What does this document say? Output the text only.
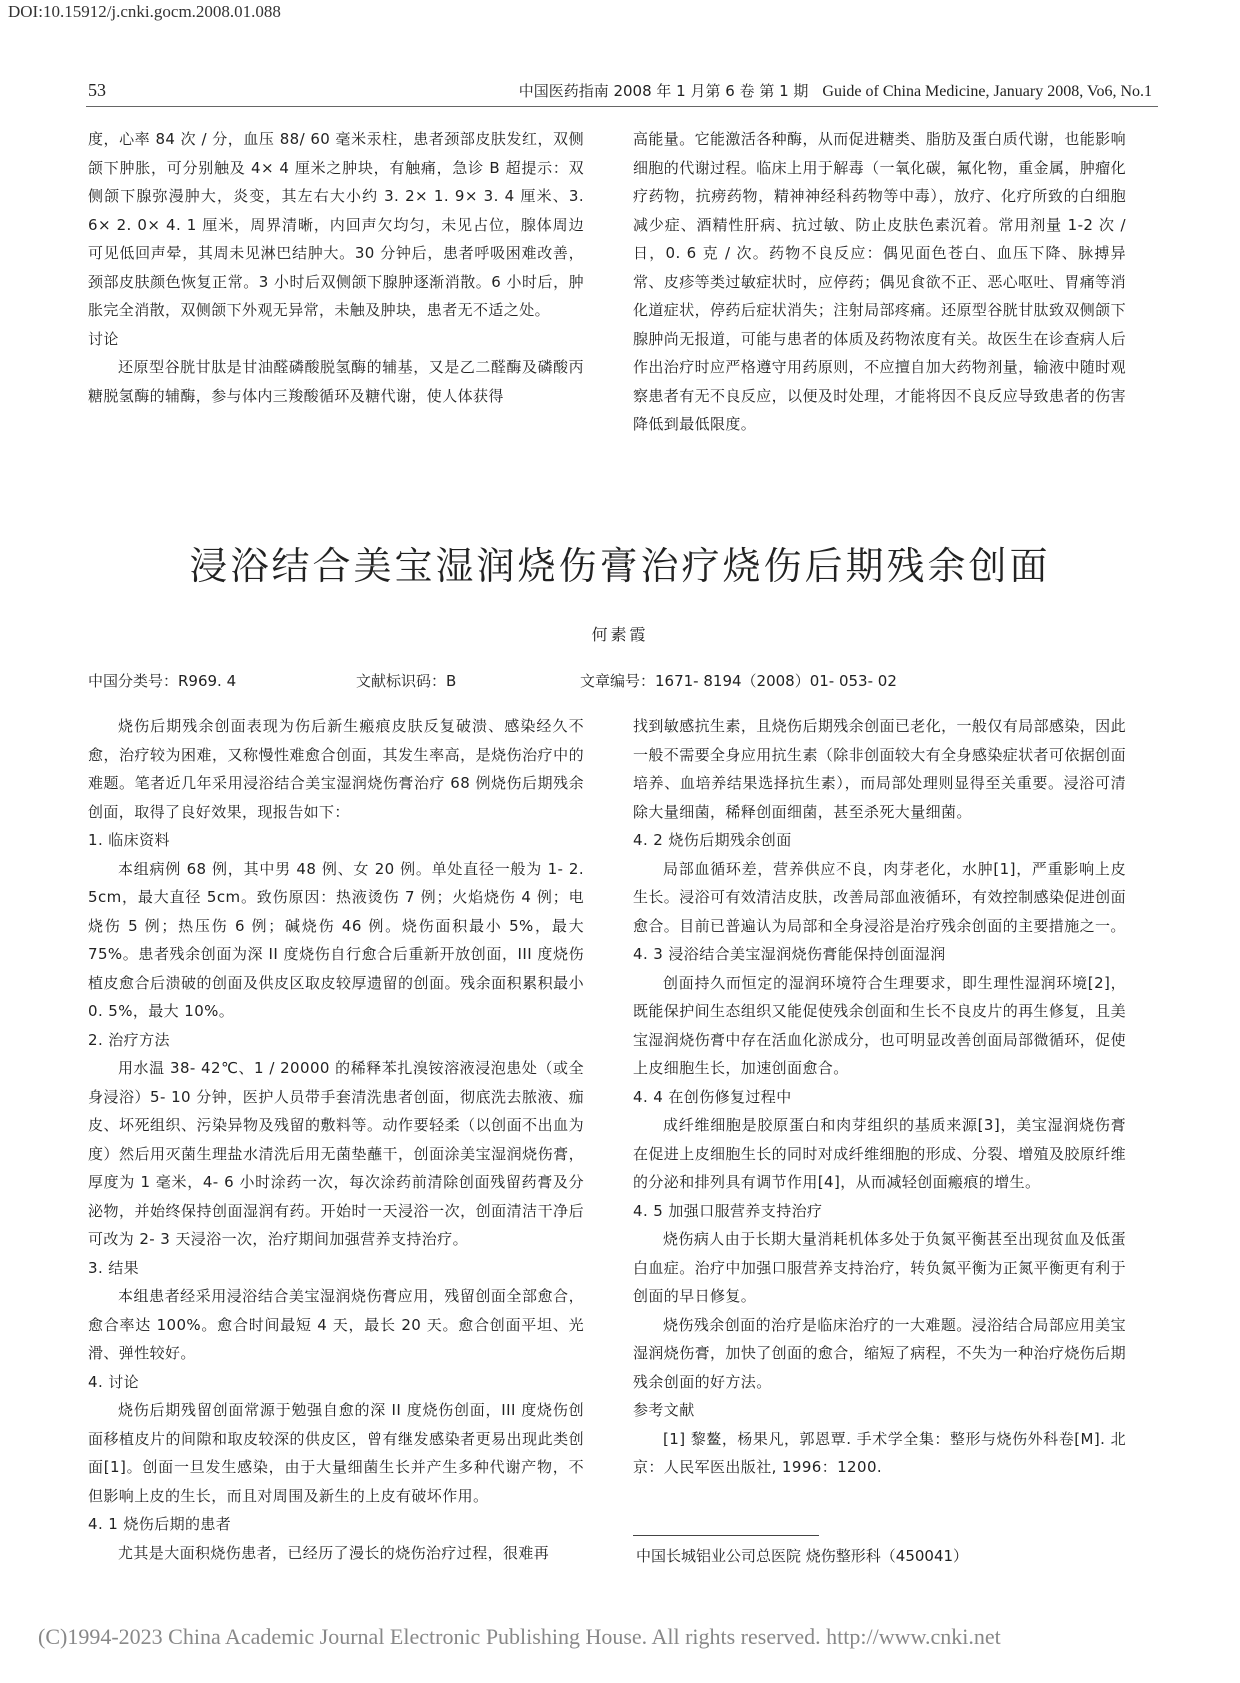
DOI:10.15912/j.cnki.gocm.2008.01.088
53	中国医药指南 2008 年 1 月第 6 卷 第 1 期 Guide of China Medicine, January 2008, Vo6, No.1

度，心率 84 次 / 分，血压 88/ 60 毫米汞柱，患者颈部皮肤发红，双侧颌下肿胀，可分别触及 4× 4 厘米之肿块，有触痛，急诊 B 超提示：双侧颌下腺弥漫肿大，炎变，其左右大小约 3. 2× 1. 9× 3. 4 厘米、3. 6× 2. 0× 4. 1 厘米，周界清晰，内回声欠均匀，未见占位，腺体周边可见低回声晕，其周未见淋巴结肿大。30 分钟后，患者呼吸困难改善，颈部皮肤颜色恢复正常。3 小时后双侧颌下腺肿逐渐消散。6 小时后，肿胀完全消散，双侧颌下外观无异常，未触及肿块，患者无不适之处。

讨论

还原型谷胱甘肽是甘油醛磷酸脱氢酶的辅基，又是乙二醛酶及磷酸丙糖脱氢酶的辅酶，参与体内三羧酸循环及糖代谢，使人体获得

高能量。它能激活各种酶，从而促进糖类、脂肪及蛋白质代谢，也能影响细胞的代谢过程。临床上用于解毒（一氧化碳，氟化物，重金属，肿瘤化疗药物，抗痨药物，精神神经科药物等中毒），放疗、化疗所致的白细胞减少症、酒精性肝病、抗过敏、防止皮肤色素沉着。常用剂量 1-2 次 / 日，0. 6 克 / 次。药物不良反应：偶见面色苍白、血压下降、脉搏异常、皮疹等类过敏症状时，应停药；偶见食欲不正、恶心呕吐、胃痛等消化道症状，停药后症状消失；注射局部疼痛。还原型谷胱甘肽致双侧颌下腺肿尚无报道，可能与患者的体质及药物浓度有关。故医生在诊查病人后作出治疗时应严格遵守用药原则，不应擅自加大药物剂量，输液中随时观察患者有无不良反应，以便及时处理，才能将因不良反应导致患者的伤害降低到最低限度。

浸浴结合美宝湿润烧伤膏治疗烧伤后期残余创面
何素霞
中国分类号：R969. 4	文献标识码：B	文章编号：1671- 8194（2008）01- 053- 02

烧伤后期残余创面表现为伤后新生瘢痕皮肤反复破溃、感染经久不愈，治疗较为困难，又称慢性难愈合创面，其发生率高，是烧伤治疗中的难题。笔者近几年采用浸浴结合美宝湿润烧伤膏治疗 68 例烧伤后期残余创面，取得了良好效果，现报告如下：

1. 临床资料

本组病例 68 例，其中男 48 例、女 20 例。单处直径一般为 1- 2. 5cm，最大直径 5cm。致伤原因：热液烫伤 7 例；火焰烧伤 4 例；电烧伤 5 例；热压伤 6 例；碱烧伤 46 例。烧伤面积最小 5%，最大 75%。患者残余创面为深 II 度烧伤自行愈合后重新开放创面，III 度烧伤植皮愈合后溃破的创面及供皮区取皮较厚遗留的创面。残余面积累积最小 0. 5%，最大 10%。

2. 治疗方法

用水温 38- 42℃、1 / 20000 的稀释苯扎溴铵溶液浸泡患处（或全身浸浴）5- 10 分钟，医护人员带手套清洗患者创面，彻底洗去脓液、痂皮、坏死组织、污染异物及残留的敷料等。动作要轻柔（以创面不出血为度）然后用灭菌生理盐水清洗后用无菌垫蘸干，创面涂美宝湿润烧伤膏，厚度为 1 毫米，4- 6 小时涂药一次，每次涂药前清除创面残留药膏及分泌物，并始终保持创面湿润有药。开始时一天浸浴一次，创面清洁干净后可改为 2- 3 天浸浴一次，治疗期间加强营养支持治疗。

3. 结果

本组患者经采用浸浴结合美宝湿润烧伤膏应用，残留创面全部愈合，愈合率达 100%。愈合时间最短 4 天，最长 20 天。愈合创面平坦、光滑、弹性较好。

4. 讨论

烧伤后期残留创面常源于勉强自愈的深 II 度烧伤创面，III 度烧伤创面移植皮片的间隙和取皮较深的供皮区，曾有继发感染者更易出现此类创面[1]。创面一旦发生感染，由于大量细菌生长并产生多种代谢产物，不但影响上皮的生长，而且对周围及新生的上皮有破坏作用。

4. 1 烧伤后期的患者

尤其是大面积烧伤患者，已经历了漫长的烧伤治疗过程，很难再

找到敏感抗生素，且烧伤后期残余创面已老化，一般仅有局部感染，因此一般不需要全身应用抗生素（除非创面较大有全身感染症状者可依据创面培养、血培养结果选择抗生素），而局部处理则显得至关重要。浸浴可清除大量细菌，稀释创面细菌，甚至杀死大量细菌。

4. 2 烧伤后期残余创面

局部血循环差，营养供应不良，肉芽老化，水肿[1]，严重影响上皮生长。浸浴可有效清洁皮肤，改善局部血液循环，有效控制感染促进创面愈合。目前已普遍认为局部和全身浸浴是治疗残余创面的主要措施之一。

4. 3 浸浴结合美宝湿润烧伤膏能保持创面湿润

创面持久而恒定的湿润环境符合生理要求，即生理性湿润环境[2]，既能保护间生态组织又能促使残余创面和生长不良皮片的再生修复，且美宝湿润烧伤膏中存在活血化淤成分，也可明显改善创面局部微循环，促使上皮细胞生长，加速创面愈合。

4. 4 在创伤修复过程中

成纤维细胞是胶原蛋白和肉芽组织的基质来源[3]，美宝湿润烧伤膏在促进上皮细胞生长的同时对成纤维细胞的形成、分裂、增殖及胶原纤维的分泌和排列具有调节作用[4]，从而减轻创面瘢痕的增生。

4. 5 加强口服营养支持治疗

烧伤病人由于长期大量消耗机体多处于负氮平衡甚至出现贫血及低蛋白血症。治疗中加强口服营养支持治疗，转负氮平衡为正氮平衡更有利于创面的早日修复。

烧伤残余创面的治疗是临床治疗的一大难题。浸浴结合局部应用美宝湿润烧伤膏，加快了创面的愈合，缩短了病程，不失为一种治疗烧伤后期残余创面的好方法。

参考文献

[1] 黎鳌，杨果凡，郭恩覃. 手术学全集：整形与烧伤外科卷[M]. 北京：人民军医出版社, 1996：1200.

中国长城铝业公司总医院 烧伤整形科（450041）
(C)1994-2023 China Academic Journal Electronic Publishing House. All rights reserved. http://www.cnki.net
